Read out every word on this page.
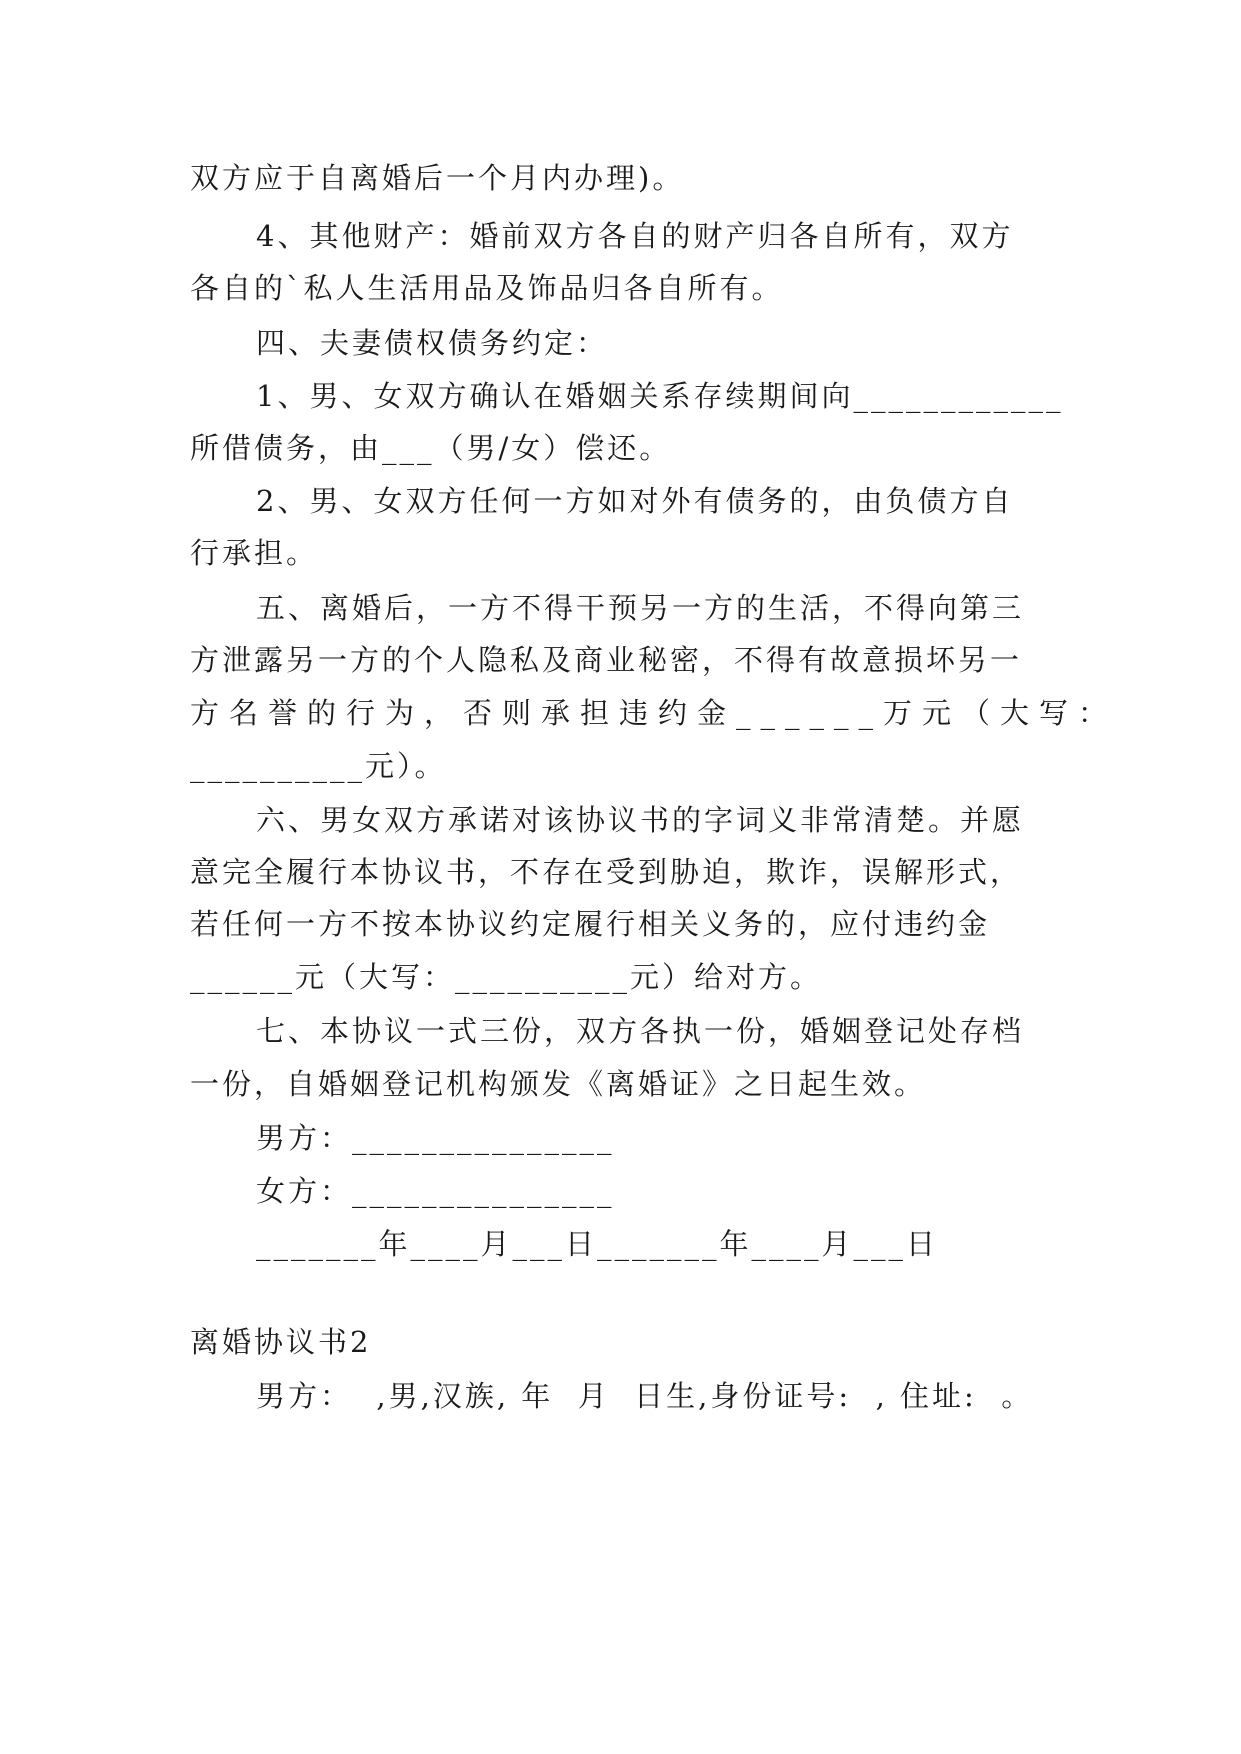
双方应于自离婚后一个月内办理)。
4、其他财产：婚前双方各自的财产归各自所有，双方
各自的`私人生活用品及饰品归各自所有。
四、夫妻债权债务约定：
1、男、女双方确认在婚姻关系存续期间向____________
所借债务，由___（男/女）偿还。
2、男、女双方任何一方如对外有债务的，由负债方自
行承担。
五、离婚后，一方不得干预另一方的生活，不得向第三
方泄露另一方的个人隐私及商业秘密，不得有故意损坏另一
方名誉的行为，否则承担违约金______万元（大写：
__________元）。
六、男女双方承诺对该协议书的字词义非常清楚。并愿
意完全履行本协议书，不存在受到胁迫，欺诈，误解形式，
若任何一方不按本协议约定履行相关义务的，应付违约金
______元（大写：__________元）给对方。
七、本协议一式三份，双方各执一份，婚姻登记处存档
一份，自婚姻登记机构颁发《离婚证》之日起生效。
男方：_______________
女方：_______________
_______年____月___日_______年____月___日
离婚协议书2
男方：  ,男,汉族, 年  月  日生,身份证号:  , 住址:  。
